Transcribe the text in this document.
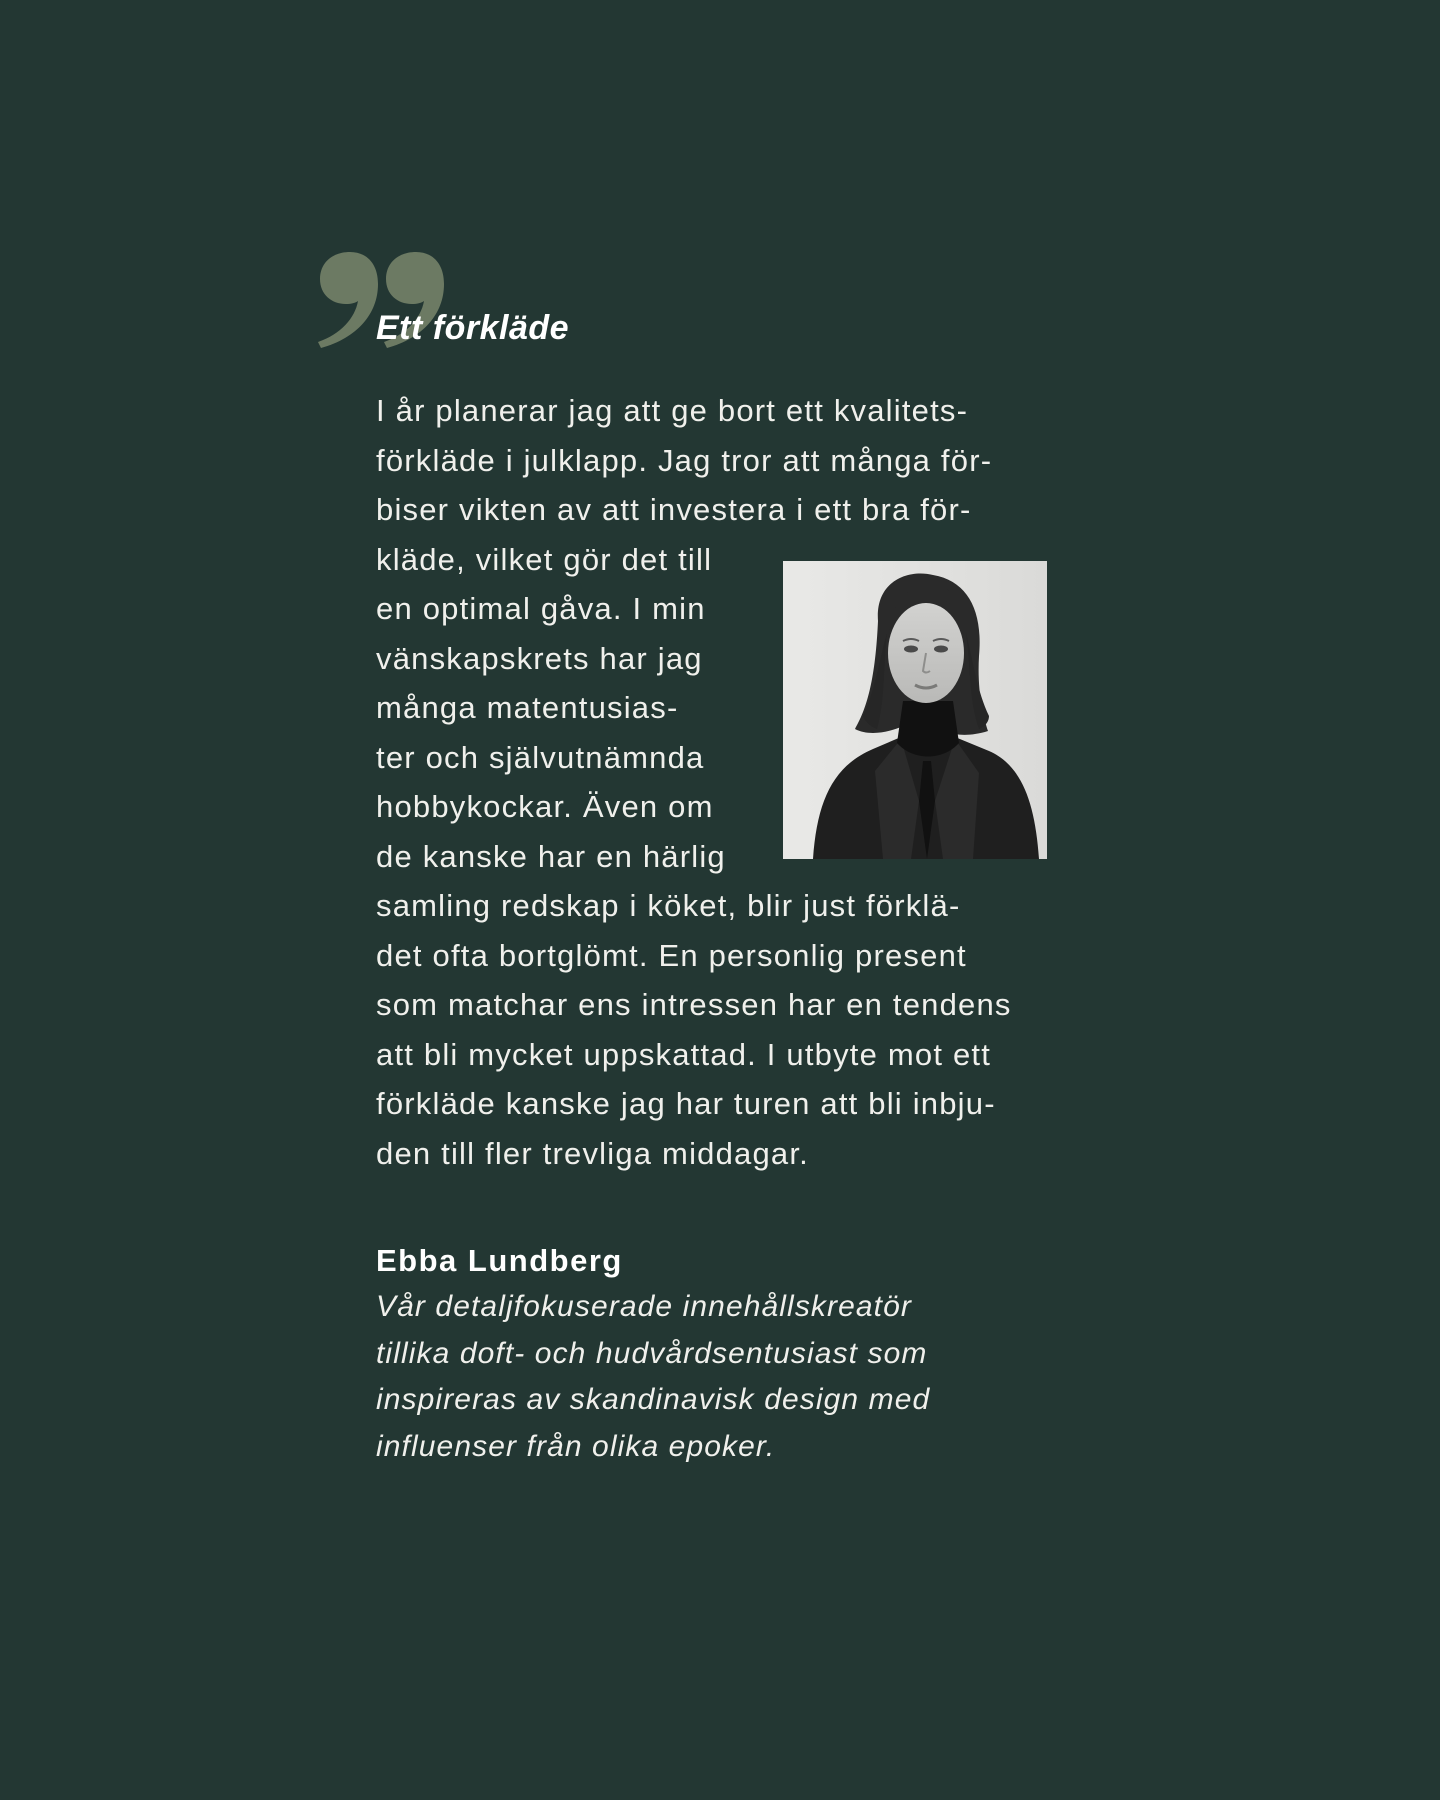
Ett förkläde

I år planerar jag att ge bort ett kvalitets-
förkläde i julklapp. Jag tror att många för-
biser vikten av att investera i ett bra för-
kläde, vilket gör det till
en optimal gåva. I min
vänskapskrets har jag
många matentusias-
ter och självutnämnda
hobbykockar. Även om
de kanske har en härlig
samling redskap i köket, blir just förklä-
det ofta bortglömt. En personlig present
som matchar ens intressen har en tendens
att bli mycket uppskattad. I utbyte mot ett
förkläde kanske jag har turen att bli inbju-
den till fler trevliga middagar.

Ebba Lundberg

Vår detaljfokuserade innehållskreatör
tillika doft- och hudvårdsentusiast som
inspireras av skandinavisk design med
influenser från olika epoker.
